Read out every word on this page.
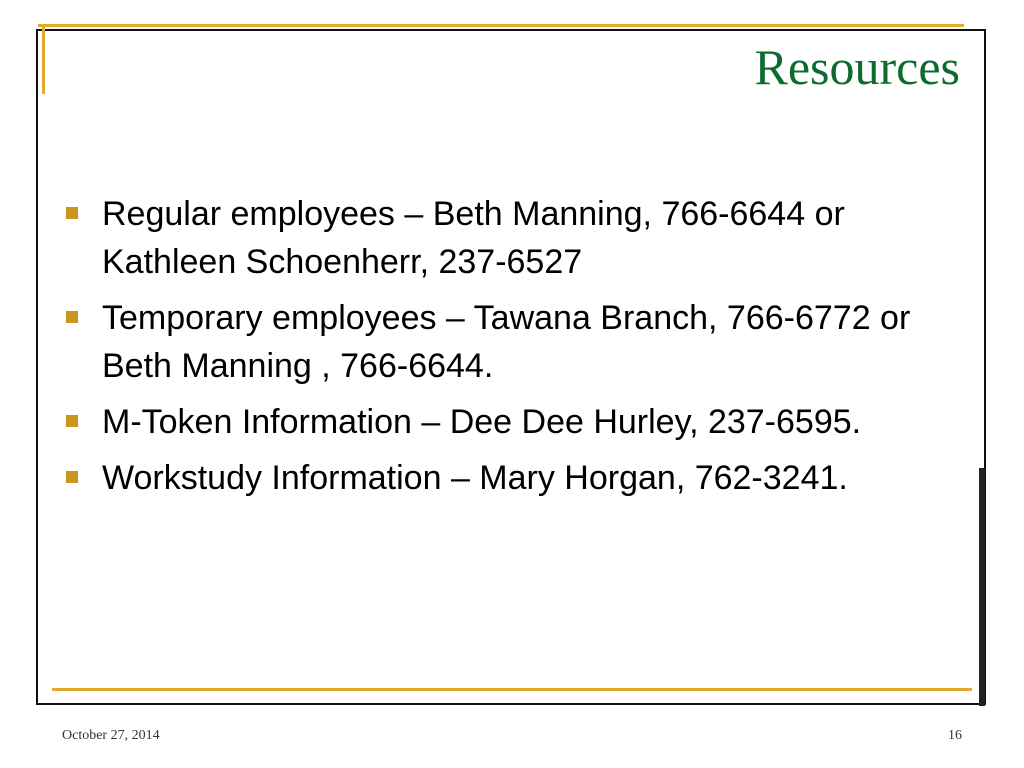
Resources
Regular employees – Beth Manning, 766-6644 or Kathleen Schoenherr, 237-6527
Temporary employees – Tawana Branch, 766-6772 or Beth Manning , 766-6644.
M-Token Information – Dee Dee Hurley, 237-6595.
Workstudy Information – Mary Horgan, 762-3241.
October 27, 2014	16
